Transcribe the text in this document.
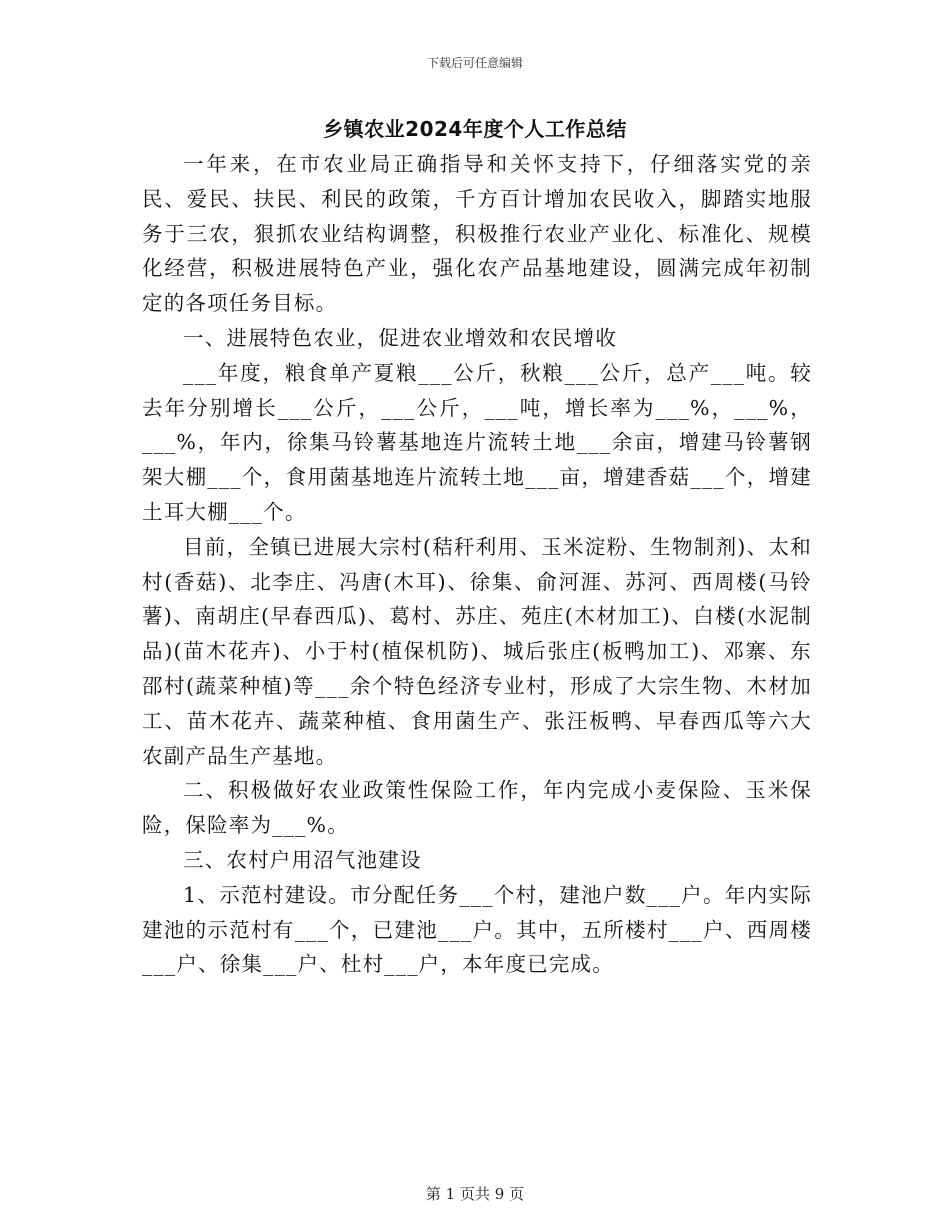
下载后可任意编辑
乡镇农业2024年度个人工作总结

一年来，在市农业局正确指导和关怀支持下，仔细落实党的亲民、爱民、扶民、利民的政策，千方百计增加农民收入，脚踏实地服务于三农，狠抓农业结构调整，积极推行农业产业化、标准化、规模化经营，积极进展特色产业，强化农产品基地建设，圆满完成年初制定的各项任务目标。

一、进展特色农业，促进农业增效和农民增收

___年度，粮食单产夏粮___公斤，秋粮___公斤，总产___吨。较去年分别增长___公斤，___公斤，___吨，增长率为___%，___%，___%，年内，徐集马铃薯基地连片流转土地___余亩，增建马铃薯钢架大棚___个，食用菌基地连片流转土地___亩，增建香菇___个，增建土耳大棚___个。

目前，全镇已进展大宗村(秸秆利用、玉米淀粉、生物制剂)、太和村(香菇)、北李庄、冯唐(木耳)、徐集、俞河涯、苏河、西周楼(马铃薯)、南胡庄(早春西瓜)、葛村、苏庄、苑庄(木材加工)、白楼(水泥制品)(苗木花卉)、小于村(植保机防)、城后张庄(板鸭加工)、邓寨、东邵村(蔬菜种植)等___余个特色经济专业村，形成了大宗生物、木材加工、苗木花卉、蔬菜种植、食用菌生产、张汪板鸭、早春西瓜等六大农副产品生产基地。

二、积极做好农业政策性保险工作，年内完成小麦保险、玉米保险，保险率为___%。

三、农村户用沼气池建设

1、示范村建设。市分配任务___个村，建池户数___户。年内实际建池的示范村有___个，已建池___户。其中，五所楼村___户、西周楼___户、徐集___户、杜村___户，本年度已完成。

第 1 页共 9 页
